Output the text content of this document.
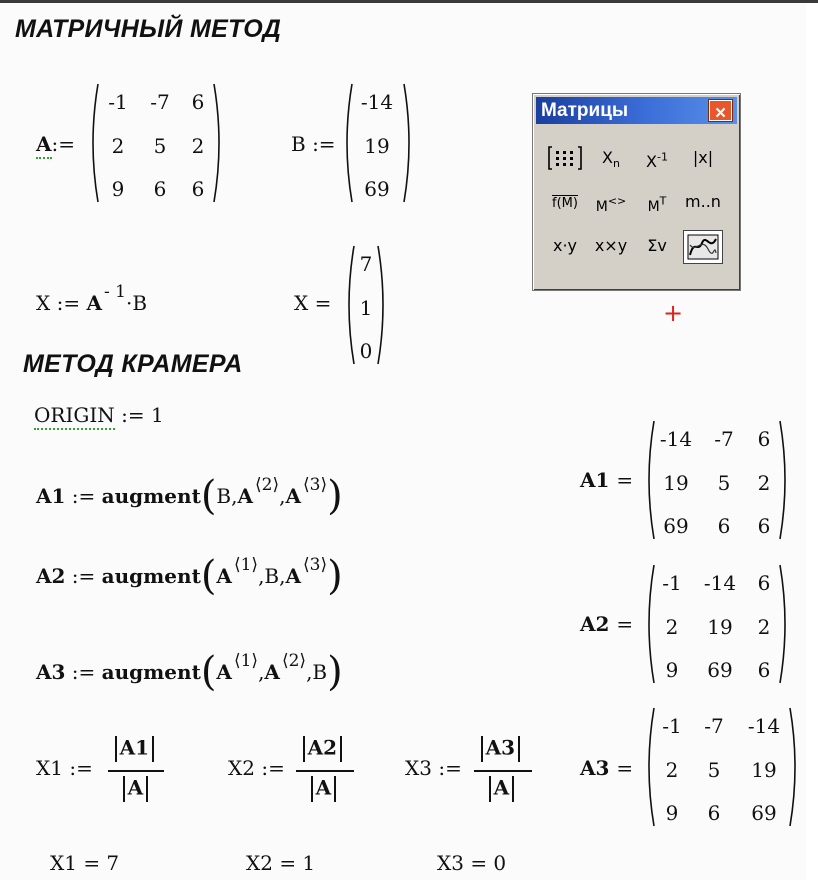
МАТРИЧНЫЙ МЕТОД
A:=
-1	-7	6
2	5	2
9	6	6
B :=
-14
19
69
X := A $^{- 1}$·B	X =
7
1
0
МЕТОД КРАМЕРА
ORIGIN := 1
A1 := augment(B,A $^{⟨2⟩}$,A $^{⟨3⟩}$)
A2 := augment(A $^{⟨1⟩}$,B,A $^{⟨3⟩}$)
A3 := augment(A $^{⟨1⟩}$,A $^{⟨2⟩}$,B)
A1 =
-14	-7	6
19	5	2
69	6	6
A2 =
-1	-14	6
2	19	2
9	69	6
A3 =
-1	-7	-14
2	5	19
9	6	69
X1 :=
A1
A
X2 :=
A2
A
X3 :=
A3
A
X1 = 7	X2 = 1	X3 = 0
Матрицы	×
$X_n$	$X^{-1}$	|x|
f(M)	M<>	$M^T$	m..n
x·y	x×y	Σv
+
